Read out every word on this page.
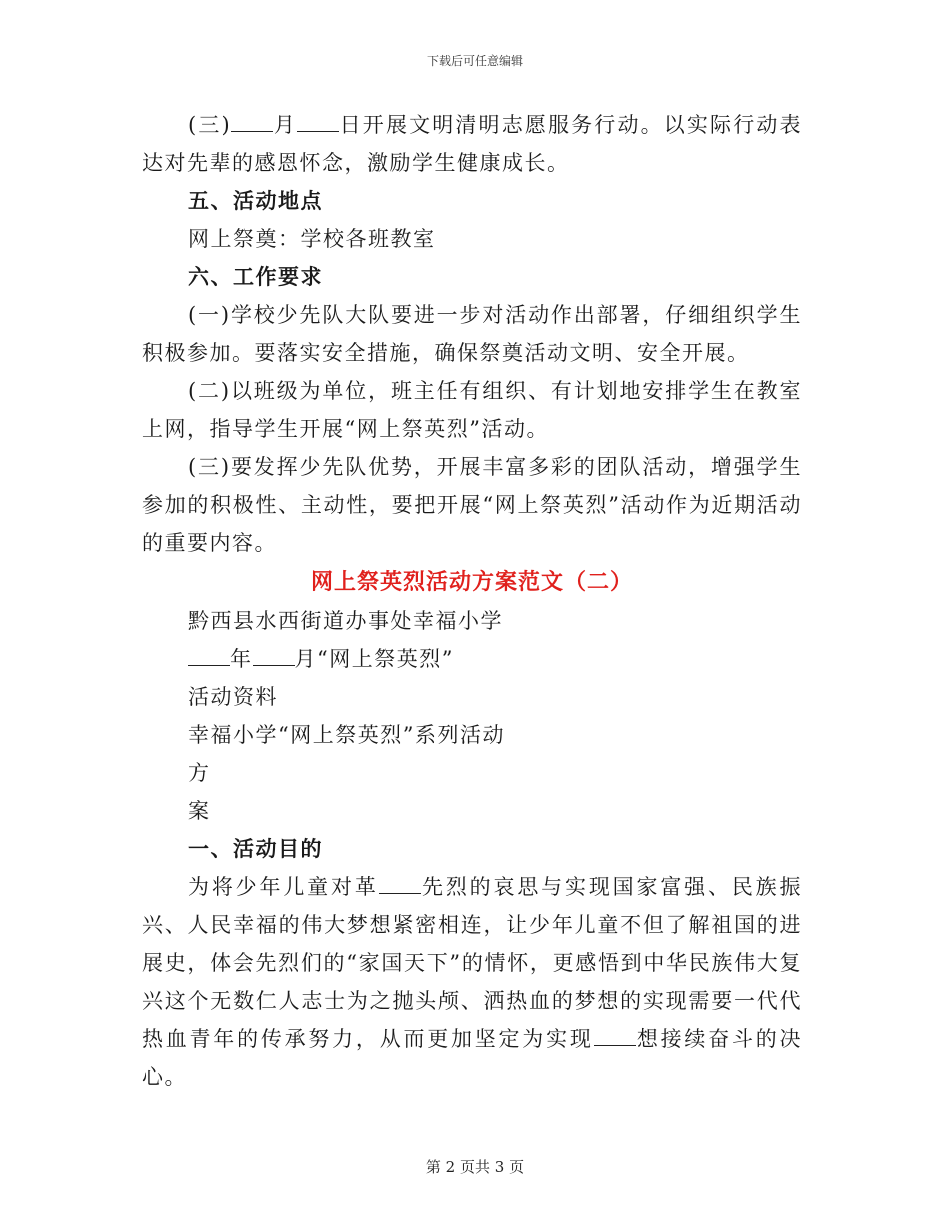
下载后可任意编辑

(三) 月 日开展文明清明志愿服务行动。以实际行动表达对先辈的感恩怀念，激励学生健康成长。

五、活动地点

网上祭奠：学校各班教室

六、工作要求

(一)学校少先队大队要进一步对活动作出部署，仔细组织学生积极参加。要落实安全措施，确保祭奠活动文明、安全开展。

(二)以班级为单位，班主任有组织、有计划地安排学生在教室上网，指导学生开展“网上祭英烈”活动。

(三)要发挥少先队优势，开展丰富多彩的团队活动，增强学生参加的积极性、主动性，要把开展“网上祭英烈”活动作为近期活动的重要内容。

网上祭英烈活动方案范文（二）

黔西县水西街道办事处幸福小学

年 月“网上祭英烈”

活动资料

幸福小学“网上祭英烈”系列活动

方

案

一、活动目的

为将少年儿童对革 先烈的哀思与实现国家富强、民族振兴、人民幸福的伟大梦想紧密相连，让少年儿童不但了解祖国的进展史，体会先烈们的“家国天下”的情怀，更感悟到中华民族伟大复兴这个无数仁人志士为之抛头颅、洒热血的梦想的实现需要一代代热血青年的传承努力，从而更加坚定为实现 想接续奋斗的决心。

第 2 页共 3 页
